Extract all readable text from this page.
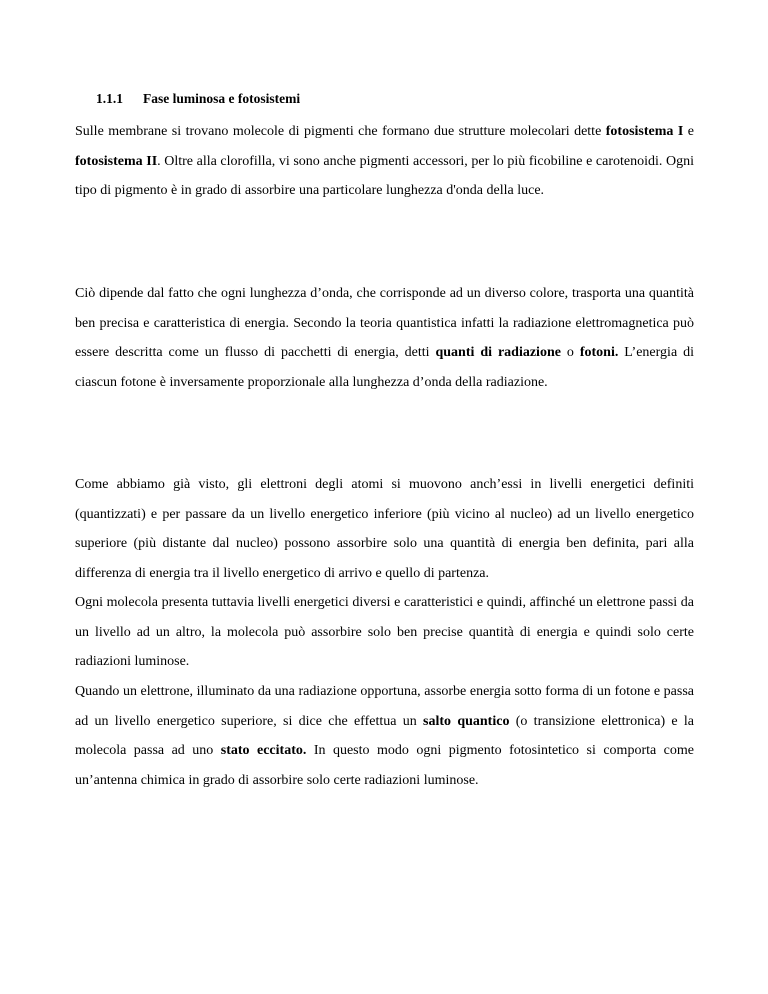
1.1.1 Fase luminosa e fotosistemi

Sulle membrane si trovano molecole di pigmenti che formano due strutture molecolari dette fotosistema I e fotosistema II. Oltre alla clorofilla, vi sono anche pigmenti accessori, per lo più ficobiline e carotenoidi. Ogni tipo di pigmento è in grado di assorbire una particolare lunghezza d'onda della luce.

Ciò dipende dal fatto che ogni lunghezza d’onda, che corrisponde ad un diverso colore, trasporta una quantità ben precisa e caratteristica di energia. Secondo la teoria quantistica infatti la radiazione elettromagnetica può essere descritta come un flusso di pacchetti di energia, detti quanti di radiazione o fotoni. L’energia di ciascun fotone è inversamente proporzionale alla lunghezza d’onda della radiazione.

Come abbiamo già visto, gli elettroni degli atomi si muovono anch’essi in livelli energetici definiti (quantizzati) e per passare da un livello energetico inferiore (più vicino al nucleo) ad un livello energetico superiore (più distante dal nucleo) possono assorbire solo una quantità di energia ben definita, pari alla differenza di energia tra il livello energetico di arrivo e quello di partenza.

Ogni molecola presenta tuttavia livelli energetici diversi e caratteristici e quindi, affinché un elettrone passi da un livello ad un altro, la molecola può assorbire solo ben precise quantità di energia e quindi solo certe radiazioni luminose.

Quando un elettrone, illuminato da una radiazione opportuna, assorbe energia sotto forma di un fotone e passa ad un livello energetico superiore, si dice che effettua un salto quantico (o transizione elettronica) e la molecola passa ad uno stato eccitato. In questo modo ogni pigmento fotosintetico si comporta come un’antenna chimica in grado di assorbire solo certe radiazioni luminose.
